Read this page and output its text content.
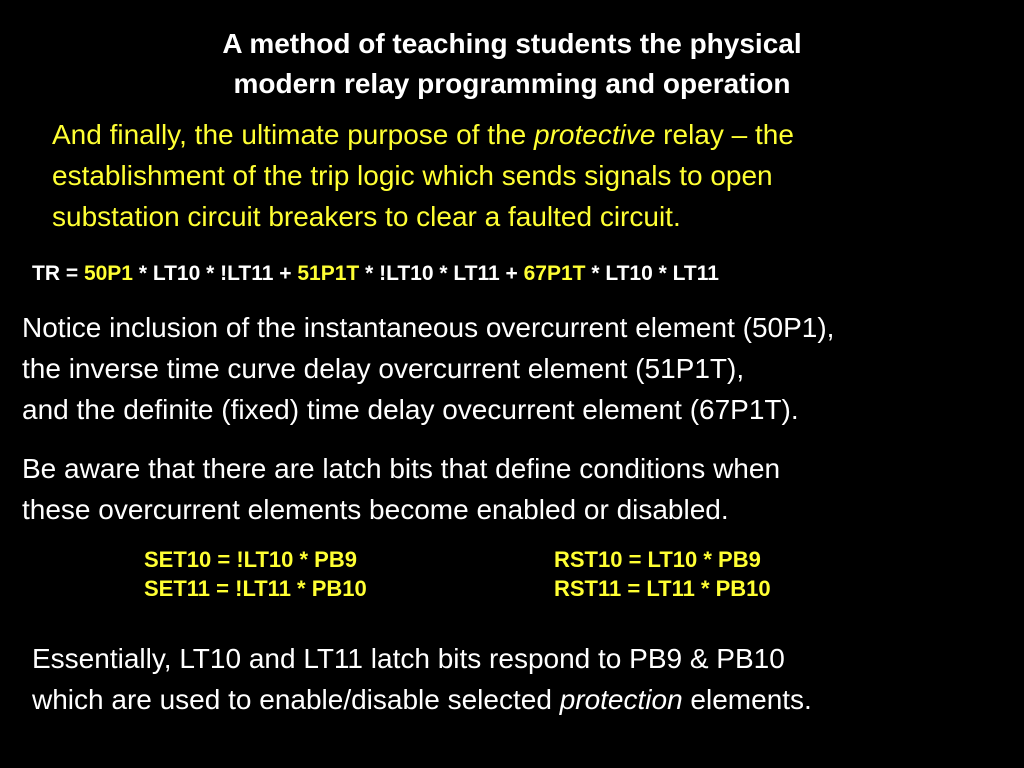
A method of teaching students the physical
modern relay programming and operation
And finally, the ultimate purpose of the protective relay – the
establishment of the trip logic which sends signals to open
substation circuit breakers to clear a faulted circuit.
TR = 50P1 * LT10 * !LT11 + 51P1T * !LT10 * LT11 + 67P1T * LT10 * LT11
Notice inclusion of the instantaneous overcurrent element (50P1),
the inverse time curve delay overcurrent element (51P1T),
and the definite (fixed) time delay ovecurrent element (67P1T).
Be aware that there are latch bits that define conditions when
these overcurrent elements become enabled or disabled.
SET10 = !LT10 * PB9	RST10 = LT10 * PB9
SET11 = !LT11 * PB10	RST11 = LT11 * PB10
Essentially, LT10 and LT11 latch bits respond to PB9 & PB10
which are used to enable/disable selected protection elements.
